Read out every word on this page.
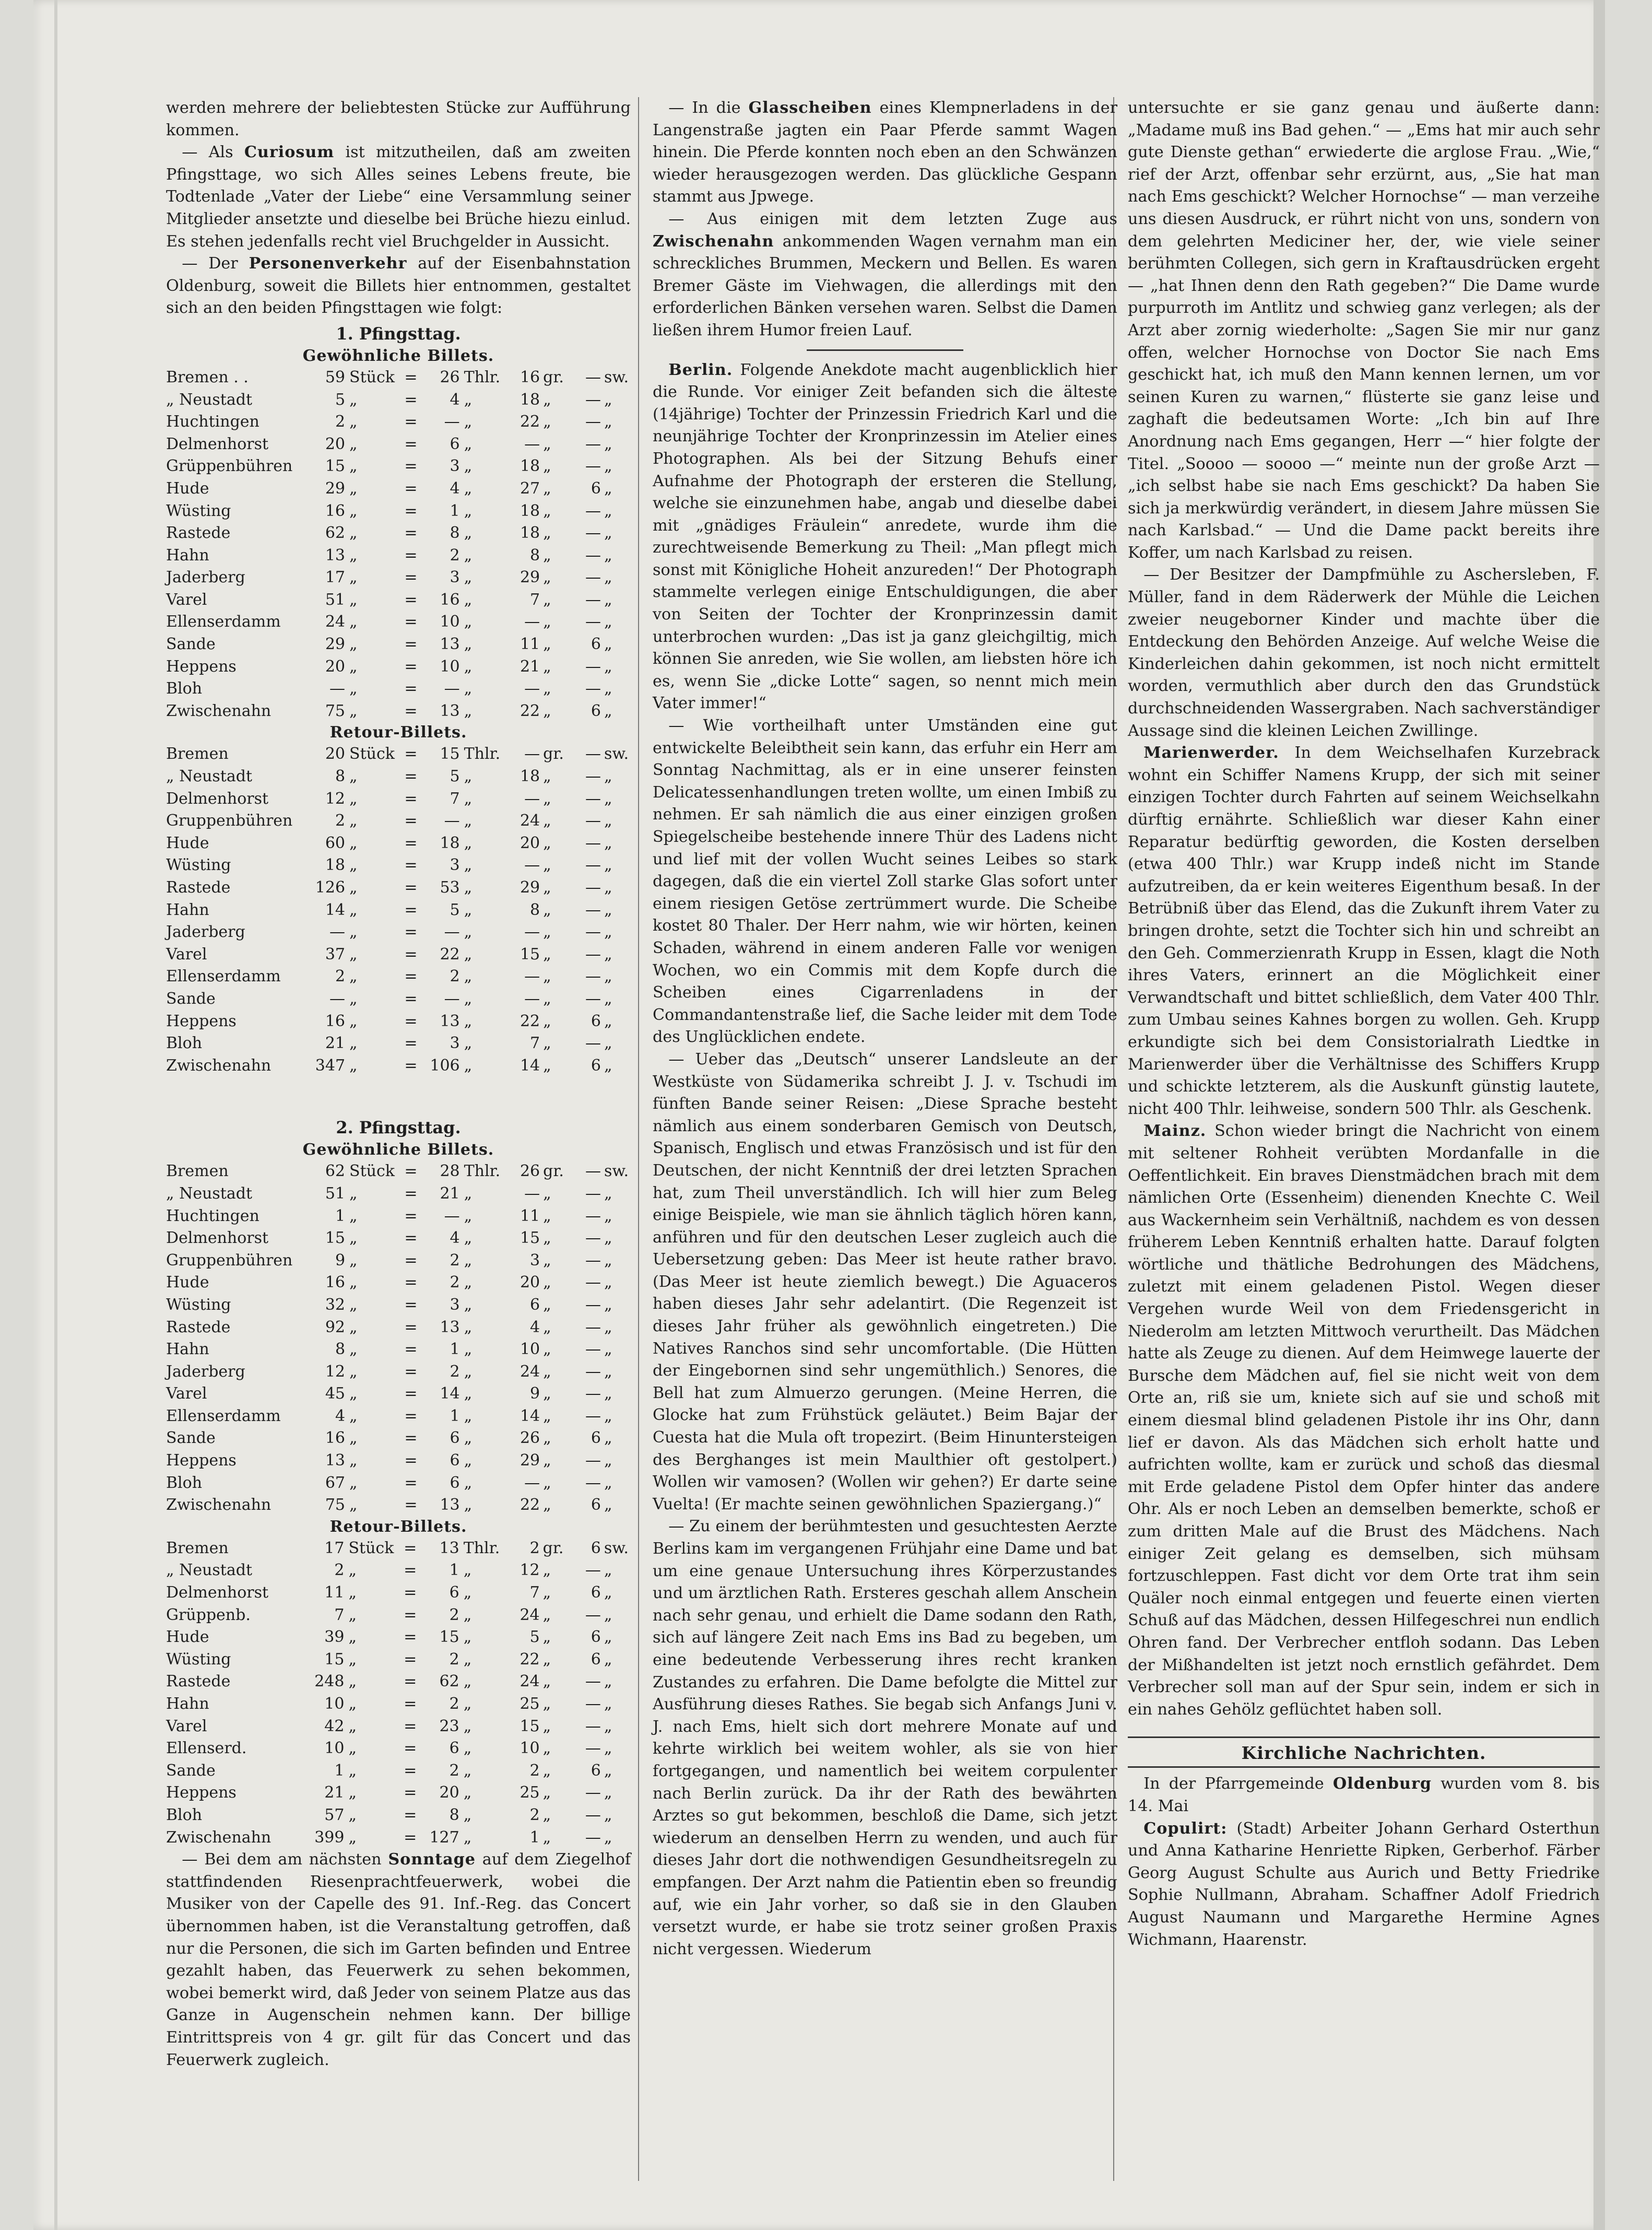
werden mehrere der beliebtesten Stücke zur Aufführung kommen.

 — Als Curiosum ist mitzutheilen, daß am zweiten Pfingsttage, wo sich Alles seines Lebens freute, bie Todtenlade „Vater der Liebe“ eine Versammlung seiner Mitglieder ansetzte und dieselbe bei Brüche hiezu einlud. Es stehen jedenfalls recht viel Bruchgelder in Aussicht.

 — Der Personenverkehr auf der Eisenbahnstation Oldenburg, soweit die Billets hier entnommen, gestaltet sich an den beiden Pfingsttagen wie folgt:

1. Pfingsttag.
Gewöhnliche Billets.
Bremen . .	59	Stück	=	26	Thlr.	16	gr.	—	sw.
„ Neustadt	5	„	=	4	„	18	„	—	„
Huchtingen	2	„	=	—	„	22	„	—	„
Delmenhorst	20	„	=	6	„	—	„	—	„
Grüppenbühren	15	„	=	3	„	18	„	—	„
Hude	29	„	=	4	„	27	„	6	„
Wüsting	16	„	=	1	„	18	„	—	„
Rastede	62	„	=	8	„	18	„	—	„
Hahn	13	„	=	2	„	8	„	—	„
Jaderberg	17	„	=	3	„	29	„	—	„
Varel	51	„	=	16	„	7	„	—	„
Ellenserdamm	24	„	=	10	„	—	„	—	„
Sande	29	„	=	13	„	11	„	6	„
Heppens	20	„	=	10	„	21	„	—	„
Bloh	—	„	=	—	„	—	„	—	„
Zwischenahn	75	„	=	13	„	22	„	6	„
Retour-Billets.
Bremen	20	Stück	=	15	Thlr.	—	gr.	—	sw.
„ Neustadt	8	„	=	5	„	18	„	—	„
Delmenhorst	12	„	=	7	„	—	„	—	„
Gruppenbühren	2	„	=	—	„	24	„	—	„
Hude	60	„	=	18	„	20	„	—	„
Wüsting	18	„	=	3	„	—	„	—	„
Rastede	126	„	=	53	„	29	„	—	„
Hahn	14	„	=	5	„	8	„	—	„
Jaderberg	—	„	=	—	„	—	„	—	„
Varel	37	„	=	22	„	15	„	—	„
Ellenserdamm	2	„	=	2	„	—	„	—	„
Sande	—	„	=	—	„	—	„	—	„
Heppens	16	„	=	13	„	22	„	6	„
Bloh	21	„	=	3	„	7	„	—	„
Zwischenahn	347	„	=	106	„	14	„	6	„
2. Pfingsttag.
Gewöhnliche Billets.
Bremen	62	Stück	=	28	Thlr.	26	gr.	—	sw.
„ Neustadt	51	„	=	21	„	—	„	—	„
Huchtingen	1	„	=	—	„	11	„	—	„
Delmenhorst	15	„	=	4	„	15	„	—	„
Gruppenbühren	9	„	=	2	„	3	„	—	„
Hude	16	„	=	2	„	20	„	—	„
Wüsting	32	„	=	3	„	6	„	—	„
Rastede	92	„	=	13	„	4	„	—	„
Hahn	8	„	=	1	„	10	„	—	„
Jaderberg	12	„	=	2	„	24	„	—	„
Varel	45	„	=	14	„	9	„	—	„
Ellenserdamm	4	„	=	1	„	14	„	—	„
Sande	16	„	=	6	„	26	„	6	„
Heppens	13	„	=	6	„	29	„	—	„
Bloh	67	„	=	6	„	—	„	—	„
Zwischenahn	75	„	=	13	„	22	„	6	„
Retour-Billets.
Bremen	17	Stück	=	13	Thlr.	2	gr.	6	sw.
„ Neustadt	2	„	=	1	„	12	„	—	„
Delmenhorst	11	„	=	6	„	7	„	6	„
Grüppenb.	7	„	=	2	„	24	„	—	„
Hude	39	„	=	15	„	5	„	6	„
Wüsting	15	„	=	2	„	22	„	6	„
Rastede	248	„	=	62	„	24	„	—	„
Hahn	10	„	=	2	„	25	„	—	„
Varel	42	„	=	23	„	15	„	—	„
Ellenserd.	10	„	=	6	„	10	„	—	„
Sande	1	„	=	2	„	2	„	6	„
Heppens	21	„	=	20	„	25	„	—	„
Bloh	57	„	=	8	„	2	„	—	„
Zwischenahn	399	„	=	127	„	1	„	—	„

 — Bei dem am nächsten Sonntage auf dem Ziegelhof stattfindenden Riesenprachtfeuerwerk, wobei die Musiker von der Capelle des 91. Inf.-Reg. das Concert übernommen haben, ist die Veranstaltung getroffen, daß nur die Personen, die sich im Garten befinden und Entree gezahlt haben, das Feuerwerk zu sehen bekommen, wobei bemerkt wird, daß Jeder von seinem Platze aus das Ganze in Augenschein nehmen kann. Der billige Eintrittspreis von 4 gr. gilt für das Concert und das Feuerwerk zugleich.

 — In die Glasscheiben eines Klempnerladens in der Langenstraße jagten ein Paar Pferde sammt Wagen hinein. Die Pferde konnten noch eben an den Schwänzen wieder herausgezogen werden. Das glückliche Gespann stammt aus Jpwege.

 — Aus einigen mit dem letzten Zuge aus Zwischenahn ankommenden Wagen vernahm man ein schreckliches Brummen, Meckern und Bellen. Es waren Bremer Gäste im Viehwagen, die allerdings mit den erforderlichen Bänken versehen waren. Selbst die Damen ließen ihrem Humor freien Lauf.

 Berlin. Folgende Anekdote macht augenblicklich hier die Runde. Vor einiger Zeit befanden sich die älteste (14jährige) Tochter der Prinzessin Friedrich Karl und die neunjährige Tochter der Kronprinzessin im Atelier eines Photographen. Als bei der Sitzung Behufs einer Aufnahme der Photograph der ersteren die Stellung, welche sie einzunehmen habe, angab und dieselbe dabei mit „gnädiges Fräulein“ anredete, wurde ihm die zurechtweisende Bemerkung zu Theil: „Man pflegt mich sonst mit Königliche Hoheit anzureden!“ Der Photograph stammelte verlegen einige Entschuldigungen, die aber von Seiten der Tochter der Kronprinzessin damit unterbrochen wurden: „Das ist ja ganz gleichgiltig, mich können Sie anreden, wie Sie wollen, am liebsten höre ich es, wenn Sie „dicke Lotte“ sagen, so nennt mich mein Vater immer!“

 — Wie vortheilhaft unter Umständen eine gut entwickelte Beleibtheit sein kann, das erfuhr ein Herr am Sonntag Nachmittag, als er in eine unserer feinsten Delicatessenhandlungen treten wollte, um einen Imbiß zu nehmen. Er sah nämlich die aus einer einzigen großen Spiegelscheibe bestehende innere Thür des Ladens nicht und lief mit der vollen Wucht seines Leibes so stark dagegen, daß die ein viertel Zoll starke Glas sofort unter einem riesigen Getöse zertrümmert wurde. Die Scheibe kostet 80 Thaler. Der Herr nahm, wie wir hörten, keinen Schaden, während in einem anderen Falle vor wenigen Wochen, wo ein Commis mit dem Kopfe durch die Scheiben eines Cigarrenladens in der Commandantenstraße lief, die Sache leider mit dem Tode des Unglücklichen endete.

 — Ueber das „Deutsch“ unserer Landsleute an der Westküste von Südamerika schreibt J. J. v. Tschudi im fünften Bande seiner Reisen: „Diese Sprache besteht nämlich aus einem sonderbaren Gemisch von Deutsch, Spanisch, Englisch und etwas Französisch und ist für den Deutschen, der nicht Kenntniß der drei letzten Sprachen hat, zum Theil unverständlich. Ich will hier zum Beleg einige Beispiele, wie man sie ähnlich täglich hören kann, anführen und für den deutschen Leser zugleich auch die Uebersetzung geben: Das Meer ist heute rather bravo. (Das Meer ist heute ziemlich bewegt.) Die Aguaceros haben dieses Jahr sehr adelantirt. (Die Regenzeit ist dieses Jahr früher als gewöhnlich eingetreten.) Die Natives Ranchos sind sehr uncomfortable. (Die Hütten der Eingebornen sind sehr ungemüthlich.) Senores, die Bell hat zum Almuerzo gerungen. (Meine Herren, die Glocke hat zum Frühstück geläutet.) Beim Bajar der Cuesta hat die Mula oft tropezirt. (Beim Hinuntersteigen des Berghanges ist mein Maulthier oft gestolpert.) Wollen wir vamosen? (Wollen wir gehen?) Er darte seine Vuelta! (Er machte seinen gewöhnlichen Spaziergang.)“

 — Zu einem der berühmtesten und gesuchtesten Aerzte Berlins kam im vergangenen Frühjahr eine Dame und bat um eine genaue Untersuchung ihres Körperzustandes und um ärztlichen Rath. Ersteres geschah allem Anschein nach sehr genau, und erhielt die Dame sodann den Rath, sich auf längere Zeit nach Ems ins Bad zu begeben, um eine bedeutende Verbesserung ihres recht kranken Zustandes zu erfahren. Die Dame befolgte die Mittel zur Ausführung dieses Rathes. Sie begab sich Anfangs Juni v. J. nach Ems, hielt sich dort mehrere Monate auf und kehrte wirklich bei weitem wohler, als sie von hier fortgegangen, und namentlich bei weitem corpulenter nach Berlin zurück. Da ihr der Rath des bewährten Arztes so gut bekommen, beschloß die Dame, sich jetzt wiederum an denselben Herrn zu wenden, und auch für dieses Jahr dort die nothwendigen Gesundheitsregeln zu empfangen. Der Arzt nahm die Patientin eben so freundig auf, wie ein Jahr vorher, so daß sie in den Glauben versetzt wurde, er habe sie trotz seiner großen Praxis nicht vergessen. Wiederum

untersuchte er sie ganz genau und äußerte dann: „Madame muß ins Bad gehen.“ — „Ems hat mir auch sehr gute Dienste gethan“ erwiederte die arglose Frau. „Wie,“ rief der Arzt, offenbar sehr erzürnt, aus, „Sie hat man nach Ems geschickt? Welcher Hornochse“ — man verzeihe uns diesen Ausdruck, er rührt nicht von uns, sondern von dem gelehrten Mediciner her, der, wie viele seiner berühmten Collegen, sich gern in Kraftausdrücken ergeht — „hat Ihnen denn den Rath gegeben?“ Die Dame wurde purpurroth im Antlitz und schwieg ganz verlegen; als der Arzt aber zornig wiederholte: „Sagen Sie mir nur ganz offen, welcher Hornochse von Doctor Sie nach Ems geschickt hat, ich muß den Mann kennen lernen, um vor seinen Kuren zu warnen,“ flüsterte sie ganz leise und zaghaft die bedeutsamen Worte: „Ich bin auf Ihre Anordnung nach Ems gegangen, Herr —“ hier folgte der Titel. „Soooo — soooo —“ meinte nun der große Arzt — „ich selbst habe sie nach Ems geschickt? Da haben Sie sich ja merkwürdig verändert, in diesem Jahre müssen Sie nach Karlsbad.“ — Und die Dame packt bereits ihre Koffer, um nach Karlsbad zu reisen.

 — Der Besitzer der Dampfmühle zu Aschersleben, F. Müller, fand in dem Räderwerk der Mühle die Leichen zweier neugeborner Kinder und machte über die Entdeckung den Behörden Anzeige. Auf welche Weise die Kinderleichen dahin gekommen, ist noch nicht ermittelt worden, vermuthlich aber durch den das Grundstück durchschneidenden Wassergraben. Nach sachverständiger Aussage sind die kleinen Leichen Zwillinge.

 Marienwerder. In dem Weichselhafen Kurzebrack wohnt ein Schiffer Namens Krupp, der sich mit seiner einzigen Tochter durch Fahrten auf seinem Weichselkahn dürftig ernährte. Schließlich war dieser Kahn einer Reparatur bedürftig geworden, die Kosten derselben (etwa 400 Thlr.) war Krupp indeß nicht im Stande aufzutreiben, da er kein weiteres Eigenthum besaß. In der Betrübniß über das Elend, das die Zukunft ihrem Vater zu bringen drohte, setzt die Tochter sich hin und schreibt an den Geh. Commerzienrath Krupp in Essen, klagt die Noth ihres Vaters, erinnert an die Möglichkeit einer Verwandtschaft und bittet schließlich, dem Vater 400 Thlr. zum Umbau seines Kahnes borgen zu wollen. Geh. Krupp erkundigte sich bei dem Consistorialrath Liedtke in Marienwerder über die Verhältnisse des Schiffers Krupp und schickte letzterem, als die Auskunft günstig lautete, nicht 400 Thlr. leihweise, sondern 500 Thlr. als Geschenk.

 Mainz. Schon wieder bringt die Nachricht von einem mit seltener Rohheit verübten Mordanfalle in die Oeffentlichkeit. Ein braves Dienstmädchen brach mit dem nämlichen Orte (Essenheim) dienenden Knechte C. Weil aus Wackernheim sein Verhältniß, nachdem es von dessen früherem Leben Kenntniß erhalten hatte. Darauf folgten wörtliche und thätliche Bedrohungen des Mädchens, zuletzt mit einem geladenen Pistol. Wegen dieser Vergehen wurde Weil von dem Friedensgericht in Niederolm am letzten Mittwoch verurtheilt. Das Mädchen hatte als Zeuge zu dienen. Auf dem Heimwege lauerte der Bursche dem Mädchen auf, fiel sie nicht weit von dem Orte an, riß sie um, kniete sich auf sie und schoß mit einem diesmal blind geladenen Pistole ihr ins Ohr, dann lief er davon. Als das Mädchen sich erholt hatte und aufrichten wollte, kam er zurück und schoß das diesmal mit Erde geladene Pistol dem Opfer hinter das andere Ohr. Als er noch Leben an demselben bemerkte, schoß er zum dritten Male auf die Brust des Mädchens. Nach einiger Zeit gelang es demselben, sich mühsam fortzuschleppen. Fast dicht vor dem Orte trat ihm sein Quäler noch einmal entgegen und feuerte einen vierten Schuß auf das Mädchen, dessen Hilfegeschrei nun endlich Ohren fand. Der Verbrecher entfloh sodann. Das Leben der Mißhandelten ist jetzt noch ernstlich gefährdet. Dem Verbrecher soll man auf der Spur sein, indem er sich in ein nahes Gehölz geflüchtet haben soll.

Kirchliche Nachrichten.

 In der Pfarrgemeinde Oldenburg wurden vom 8. bis 14. Mai

 Copulirt: (Stadt) Arbeiter Johann Gerhard Osterthun und Anna Katharine Henriette Ripken, Gerberhof. Färber Georg August Schulte aus Aurich und Betty Friedrike Sophie Nullmann, Abraham. Schaffner Adolf Friedrich August Naumann und Margarethe Hermine Agnes Wichmann, Haarenstr.
